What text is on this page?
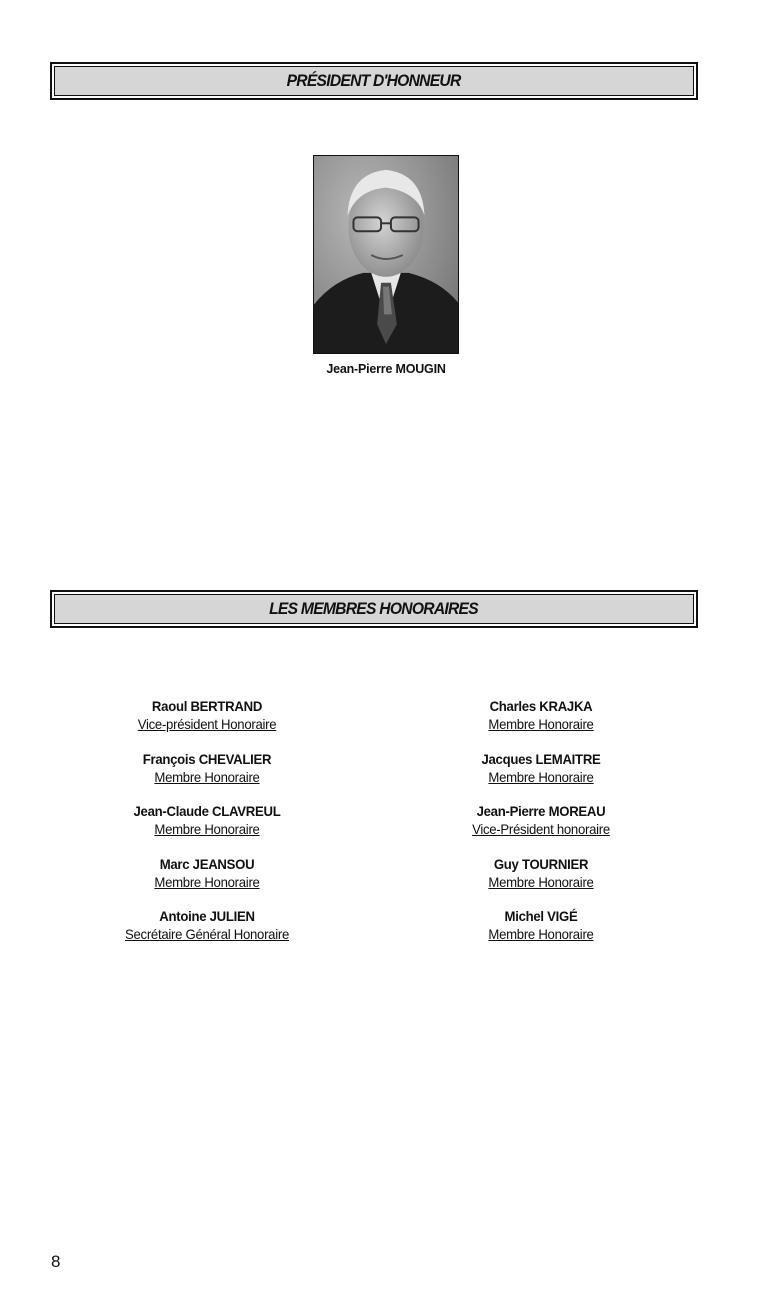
PRÉSIDENT D'HONNEUR
Jean-Pierre MOUGIN
LES MEMBRES HONORAIRES
Raoul BERTRAND
Vice-président Honoraire
François CHEVALIER
Membre Honoraire
Jean-Claude CLAVREUL
Membre Honoraire
Marc JEANSOU
Membre Honoraire
Antoine JULIEN
Secrétaire Général Honoraire
Charles KRAJKA
Membre Honoraire
Jacques LEMAITRE
Membre Honoraire
Jean-Pierre MOREAU
Vice-Président honoraire
Guy TOURNIER
Membre Honoraire
Michel VIGÉ
Membre Honoraire
8
